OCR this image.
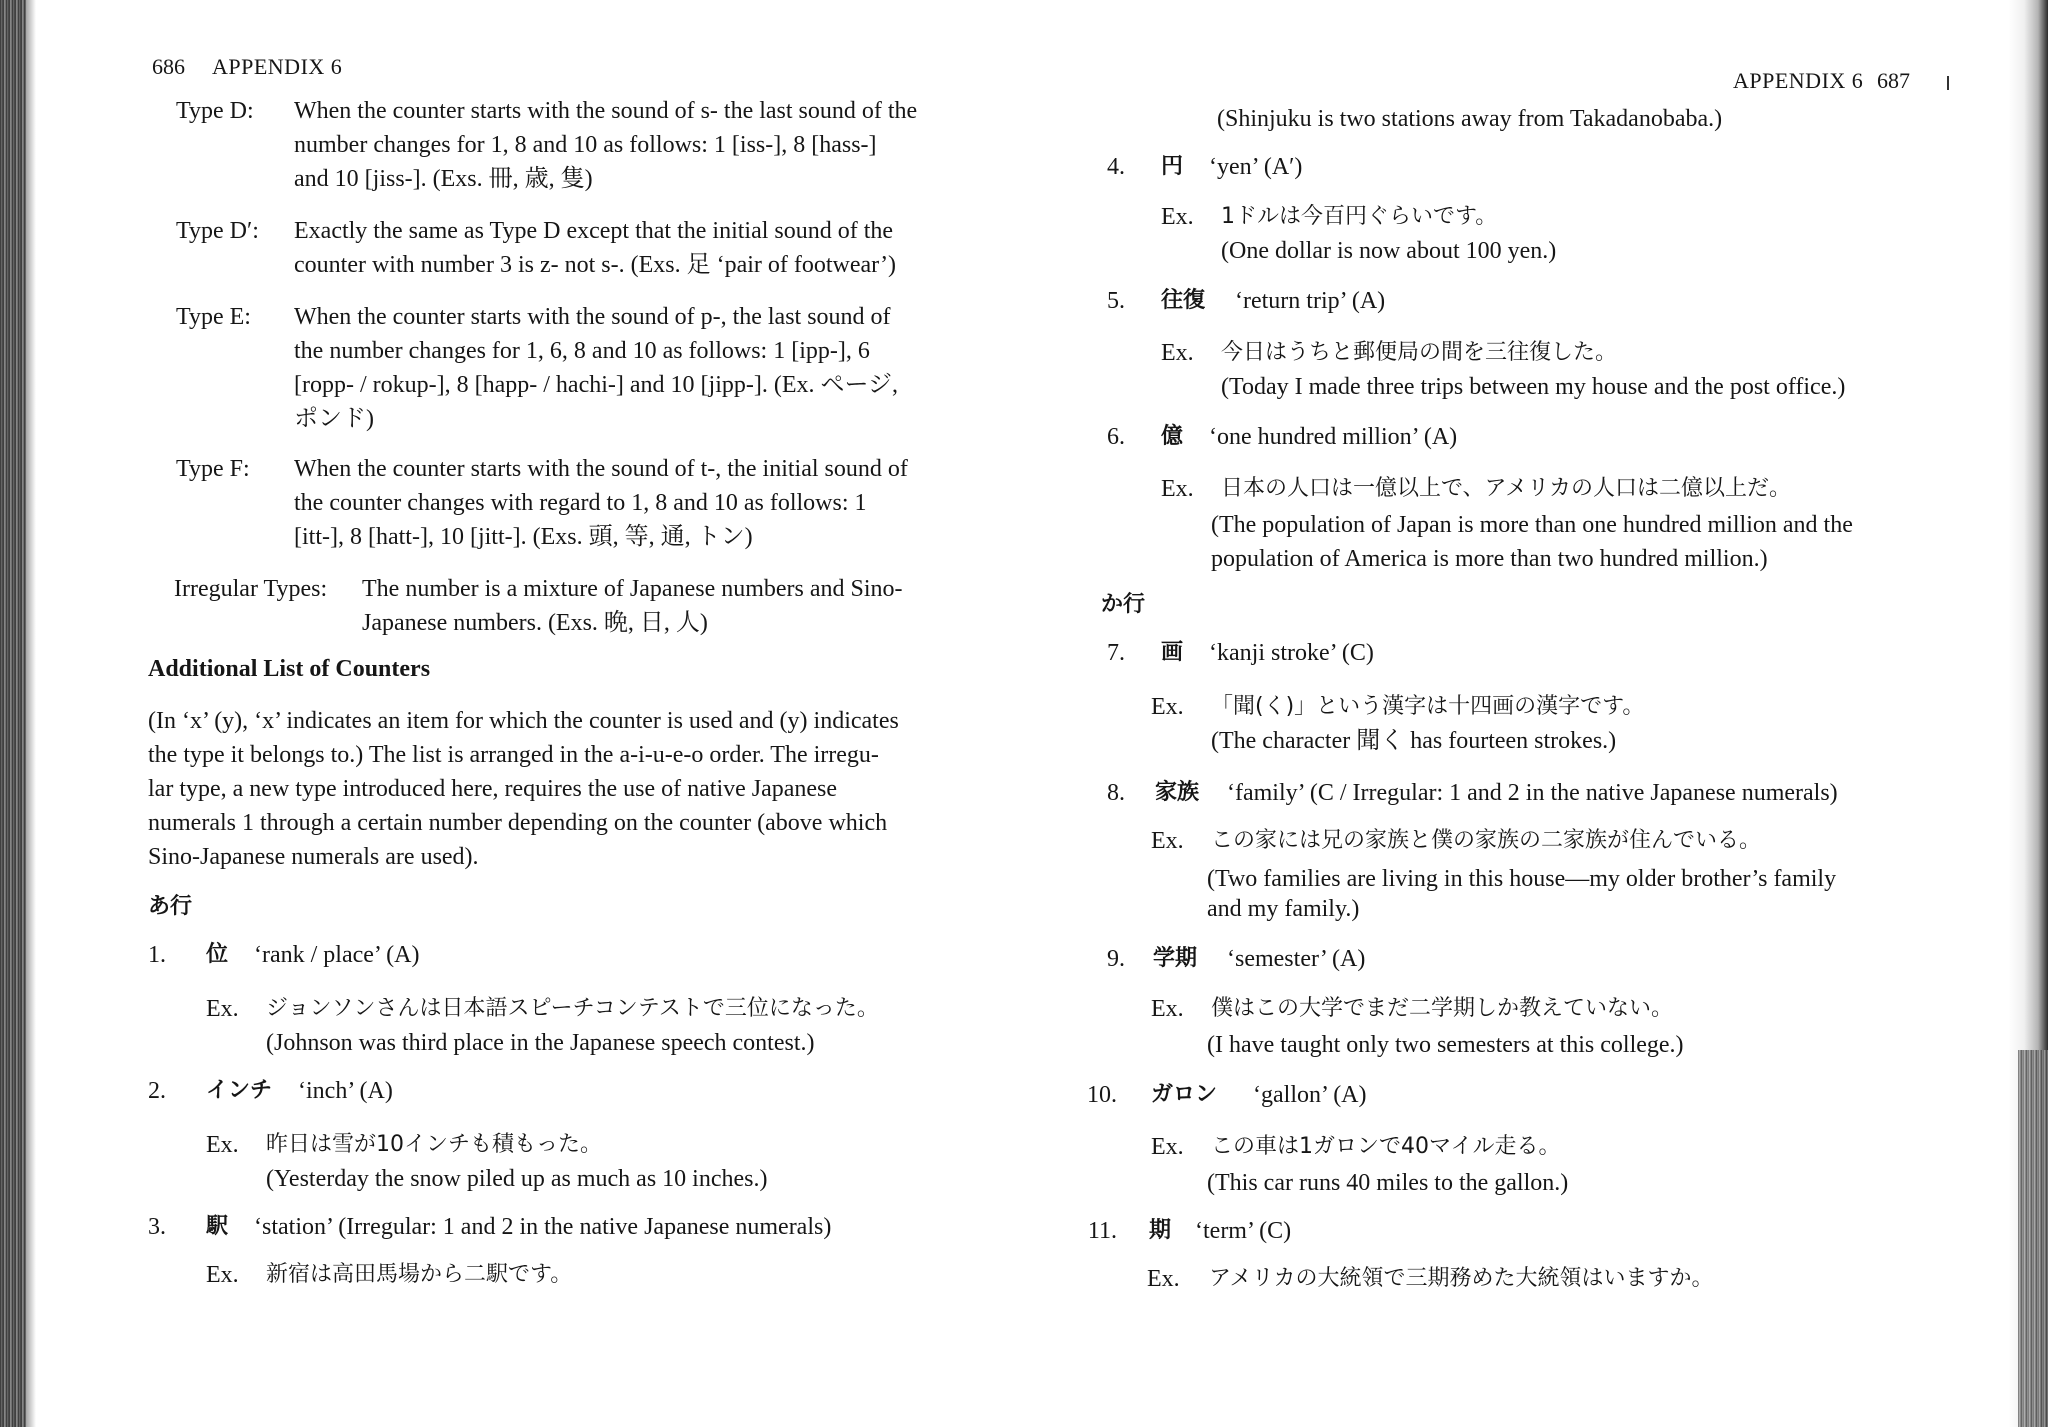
686 APPENDIX 6
Type D: When the counter starts with the sound of s- the last sound of the
number changes for 1, 8 and 10 as follows: 1 [iss-], 8 [hass-]
and 10 [jiss-]. (Exs. 冊, 歳, 隻)
Type D′: Exactly the same as Type D except that the initial sound of the
counter with number 3 is z- not s-. (Exs. 足 ‘pair of footwear’)
Type E: When the counter starts with the sound of p-, the last sound of
the number changes for 1, 6, 8 and 10 as follows: 1 [ipp-], 6
[ropp- / rokup-], 8 [happ- / hachi-] and 10 [jipp-]. (Ex. ページ,
ポンド)
Type F: When the counter starts with the sound of t-, the initial sound of
the counter changes with regard to 1, 8 and 10 as follows: 1
[itt-], 8 [hatt-], 10 [jitt-]. (Exs. 頭, 等, 通, トン)
Irregular Types: The number is a mixture of Japanese numbers and Sino-
Japanese numbers. (Exs. 晩, 日, 人)
Additional List of Counters
(In ‘x’ (y), ‘x’ indicates an item for which the counter is used and (y) indicates
the type it belongs to.) The list is arranged in the a-i-u-e-o order. The irregu-
lar type, a new type introduced here, requires the use of native Japanese
numerals 1 through a certain number depending on the counter (above which
Sino-Japanese numerals are used).
あ行
1. 位 ‘rank / place’ (A)
Ex. ジョンソンさんは日本語スピーチコンテストで三位になった。
(Johnson was third place in the Japanese speech contest.)
2. インチ ‘inch’ (A)
Ex. 昨日は雪が10インチも積もった。
(Yesterday the snow piled up as much as 10 inches.)
3. 駅 ‘station’ (Irregular: 1 and 2 in the native Japanese numerals)
Ex. 新宿は高田馬場から二駅です。
APPENDIX 6 687
(Shinjuku is two stations away from Takadanobaba.)
4. 円 ‘yen’ (A′)
Ex. 1ドルは今百円ぐらいです。
(One dollar is now about 100 yen.)
5. 往復 ‘return trip’ (A)
Ex. 今日はうちと郵便局の間を三往復した。
(Today I made three trips between my house and the post office.)
6. 億 ‘one hundred million’ (A)
Ex. 日本の人口は一億以上で、アメリカの人口は二億以上だ。
(The population of Japan is more than one hundred million and the
population of America is more than two hundred million.)
か行
7. 画 ‘kanji stroke’ (C)
Ex. 「聞(く)」という漢字は十四画の漢字です。
(The character 聞く has fourteen strokes.)
8. 家族 ‘family’ (C / Irregular: 1 and 2 in the native Japanese numerals)
Ex. この家には兄の家族と僕の家族の二家族が住んでいる。
(Two families are living in this house—my older brother’s family
and my family.)
9. 学期 ‘semester’ (A)
Ex. 僕はこの大学でまだ二学期しか教えていない。
(I have taught only two semesters at this college.)
10. ガロン ‘gallon’ (A)
Ex. この車は1ガロンで40マイル走る。
(This car runs 40 miles to the gallon.)
11. 期 ‘term’ (C)
Ex. アメリカの大統領で三期務めた大統領はいますか。
